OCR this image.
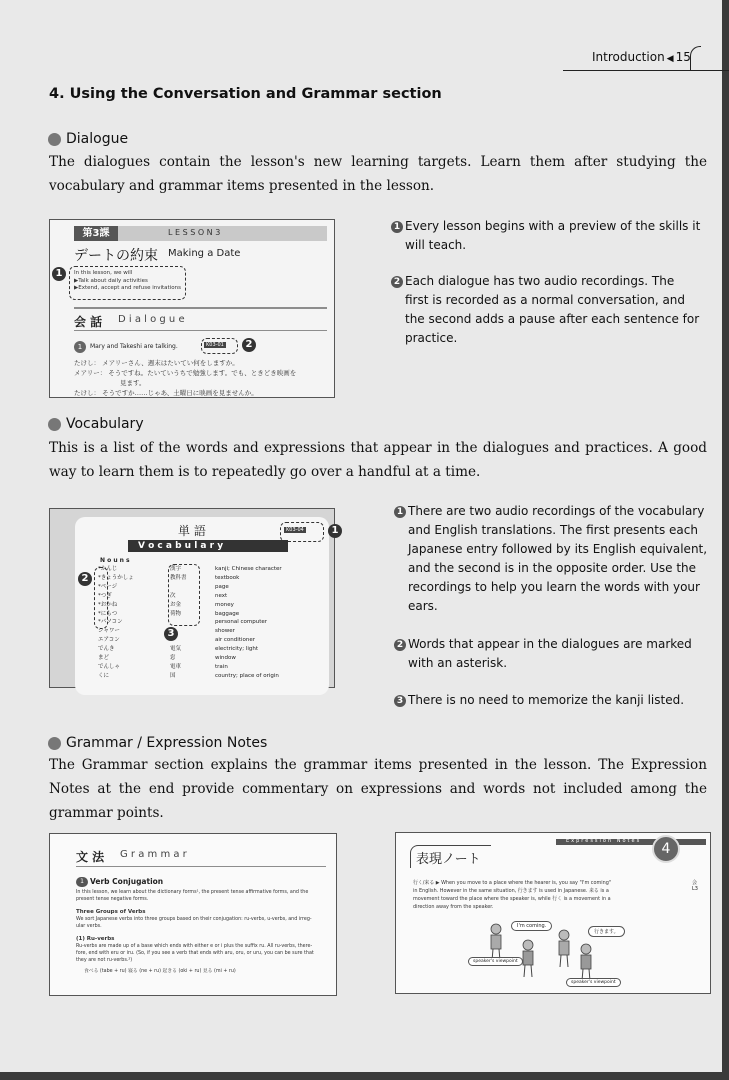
Introduction ◀ 15
4. Using the Conversation and Grammar section
Dialogue
The dialogues contain the lesson's new learning targets. Learn them after studying the vocabulary and grammar items presented in the lesson.
第3課	L E S S O N 3
デートの約束 Making a Date
In this lesson, we will
▶Talk about daily activities
▶Extend, accept and refuse invitations
1
会 話 D i a l o g u e
1	Mary and Takeshi are talking.	K03-01	2
たけし： メアリーさん、週末はたいてい何をしますか。
メアリー： そうですね。たいていうちで勉強します。でも、ときどき映画を
見ます。
たけし： そうですか……じゃあ、土曜日に映画を見ませんか。
1 Every lesson begins with a preview of the skills it
will teach.
2 Each dialogue has two audio recordings. The
first is recorded as a normal conversation, and
the second adds a pause after each sentence for
practice.
Vocabulary
This is a list of the words and expressions that appear in the dialogues and practices. A good way to learn them is to repeatedly go over a handful at a time.
単 語
V o c a b u l a r y
K03-04	1
N o u n s
2
3
*かんじ	漢字	kanji; Chinese character
*きょうかしょ	教科書	textbook
*ページ	page
*つぎ	次	next
*おかね	お金	money
*にもつ	荷物	baggage
*パソコン	personal computer
シャワー	shower
エアコン	air conditioner
でんき	電気	electricity; light
まど	窓	window
でんしゃ	電車	train
くに	国	country; place of origin
1 There are two audio recordings of the vocabulary
and English translations. The first presents each
Japanese entry followed by its English equivalent,
and the second is in the opposite order. Use the
recordings to help you learn the words with your
ears.
2 Words that appear in the dialogues are marked
with an asterisk.
3 There is no need to memorize the kanji listed.
Grammar / Expression Notes
The Grammar section explains the grammar items presented in the lesson. The Expression Notes at the end provide commentary on expressions and words not included among the grammar points.
文 法 G r a m m a r
1 Verb Conjugation
In this lesson, we learn about the dictionary forms¹, the present tense affirmative forms, and the
present tense negative forms.
Three Groups of Verbs
We sort Japanese verbs into three groups based on their conjugation: ru-verbs, u-verbs, and irreg-
ular verbs.
(1) Ru-verbs
Ru-verbs are made up of a base which ends with either e or i plus the suffix ru. All ru-verbs, there-
fore, end with eru or iru. (So, if you see a verb that ends with aru, oru, or uru, you can be sure that
they are not ru-verbs.²)
食べる (tabe + ru) 寝る (ne + ru) 起きる (oki + ru) 見る (mi + ru)
Expression Notes	4
表現ノート
会 L3
行く/来る ▶ When you move to a place where the hearer is, you say "I'm coming"
in English. However in the same situation, 行きます is used in Japanese. 来る is a
movement toward the place where the speaker is, while 行く is a movement in a
direction away from the speaker.
I'm coming.
行きます。
speaker's viewpoint
speaker's viewpoint
